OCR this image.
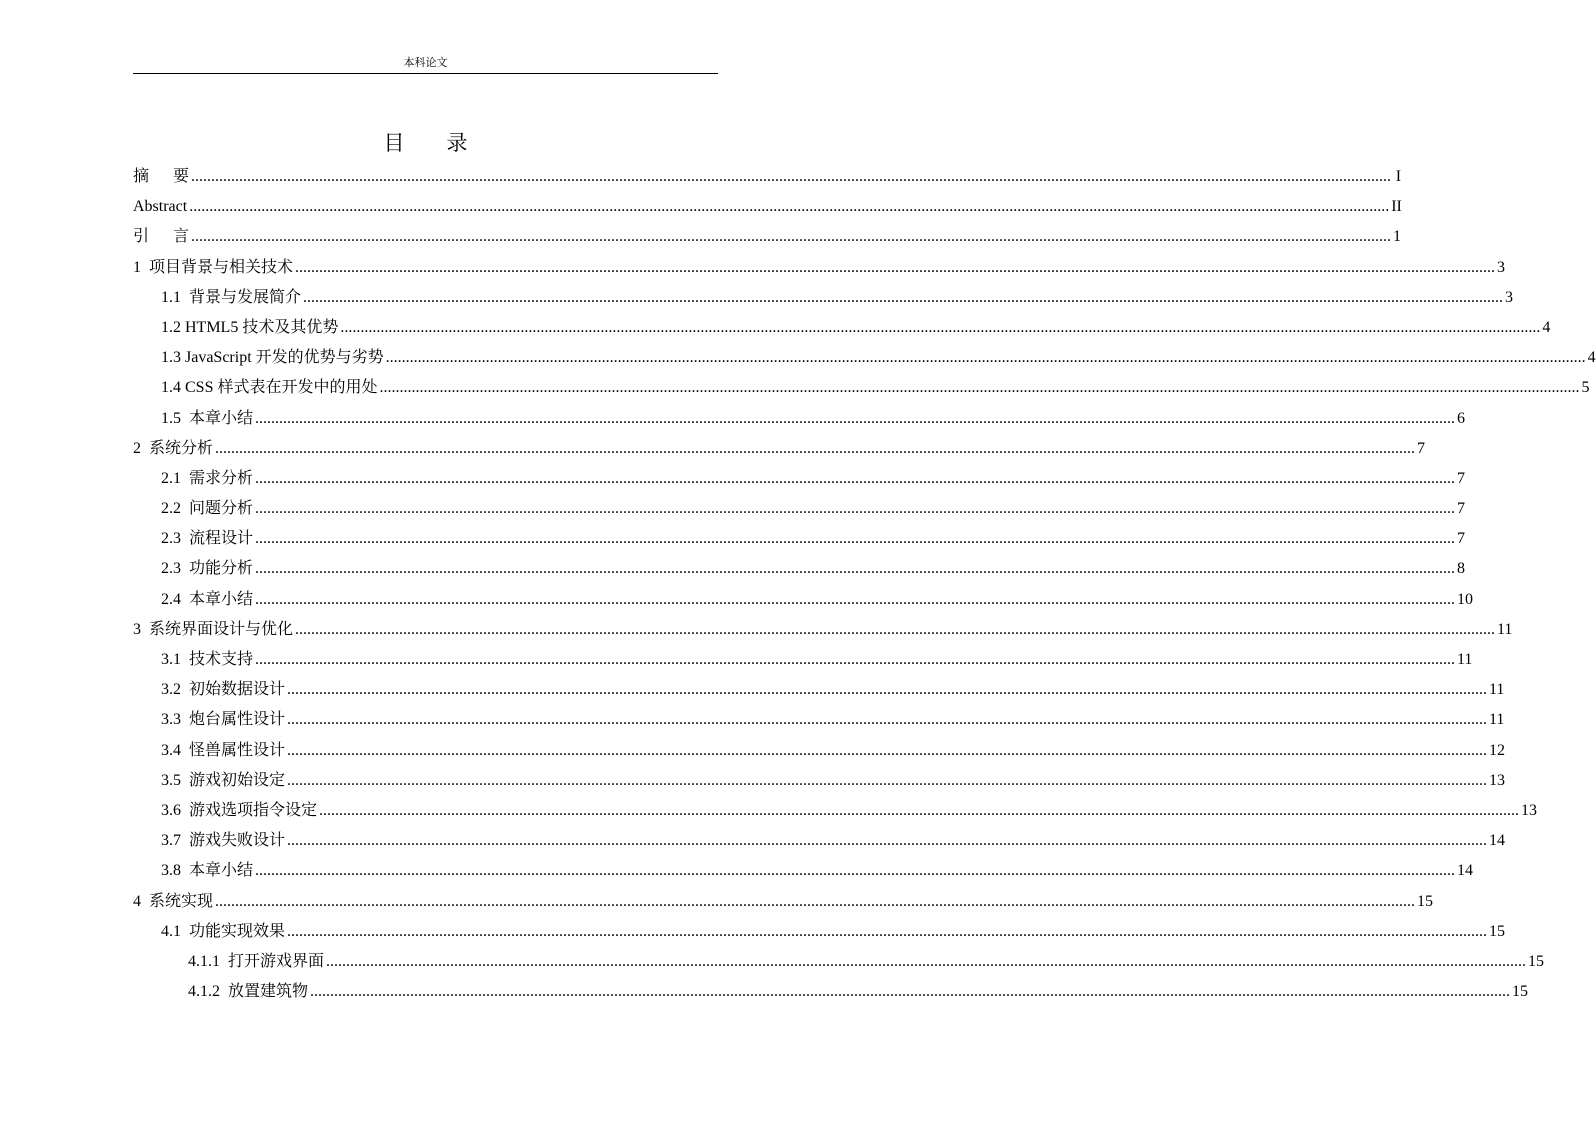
本科论文
目 录
摘      要 ............................................................................................................................................................................................................................................................................................................ I
Abstract ............................................................................................................................................................................................................................................................................................................ II
引      言 ............................................................................................................................................................................................................................................................................................................ 1
1  项目背景与相关技术 ............................................................................................................................................................................................................................................................................................................ 3
1.1  背景与发展简介 ............................................................................................................................................................................................................................................................................................................ 3
1.2 HTML5 技术及其优势 ............................................................................................................................................................................................................................................................................................................ 4
1.3 JavaScript 开发的优势与劣势 ............................................................................................................................................................................................................................................................................................................ 4
1.4 CSS 样式表在开发中的用处 ............................................................................................................................................................................................................................................................................................................ 5
1.5  本章小结 ............................................................................................................................................................................................................................................................................................................ 6
2  系统分析 ............................................................................................................................................................................................................................................................................................................ 7
2.1  需求分析 ............................................................................................................................................................................................................................................................................................................ 7
2.2  问题分析 ............................................................................................................................................................................................................................................................................................................ 7
2.3  流程设计 ............................................................................................................................................................................................................................................................................................................ 7
2.3  功能分析 ............................................................................................................................................................................................................................................................................................................ 8
2.4  本章小结 ............................................................................................................................................................................................................................................................................................................ 10
3  系统界面设计与优化 ............................................................................................................................................................................................................................................................................................................ 11
3.1  技术支持 ............................................................................................................................................................................................................................................................................................................ 11
3.2  初始数据设计 ............................................................................................................................................................................................................................................................................................................ 11
3.3  炮台属性设计 ............................................................................................................................................................................................................................................................................................................ 11
3.4  怪兽属性设计 ............................................................................................................................................................................................................................................................................................................ 12
3.5  游戏初始设定 ............................................................................................................................................................................................................................................................................................................ 13
3.6  游戏选项指令设定 ............................................................................................................................................................................................................................................................................................................ 13
3.7  游戏失败设计 ............................................................................................................................................................................................................................................................................................................ 14
3.8  本章小结 ............................................................................................................................................................................................................................................................................................................ 14
4  系统实现 ............................................................................................................................................................................................................................................................................................................ 15
4.1  功能实现效果 ............................................................................................................................................................................................................................................................................................................ 15
4.1.1  打开游戏界面 ............................................................................................................................................................................................................................................................................................................ 15
4.1.2  放置建筑物 ............................................................................................................................................................................................................................................................................................................ 15
